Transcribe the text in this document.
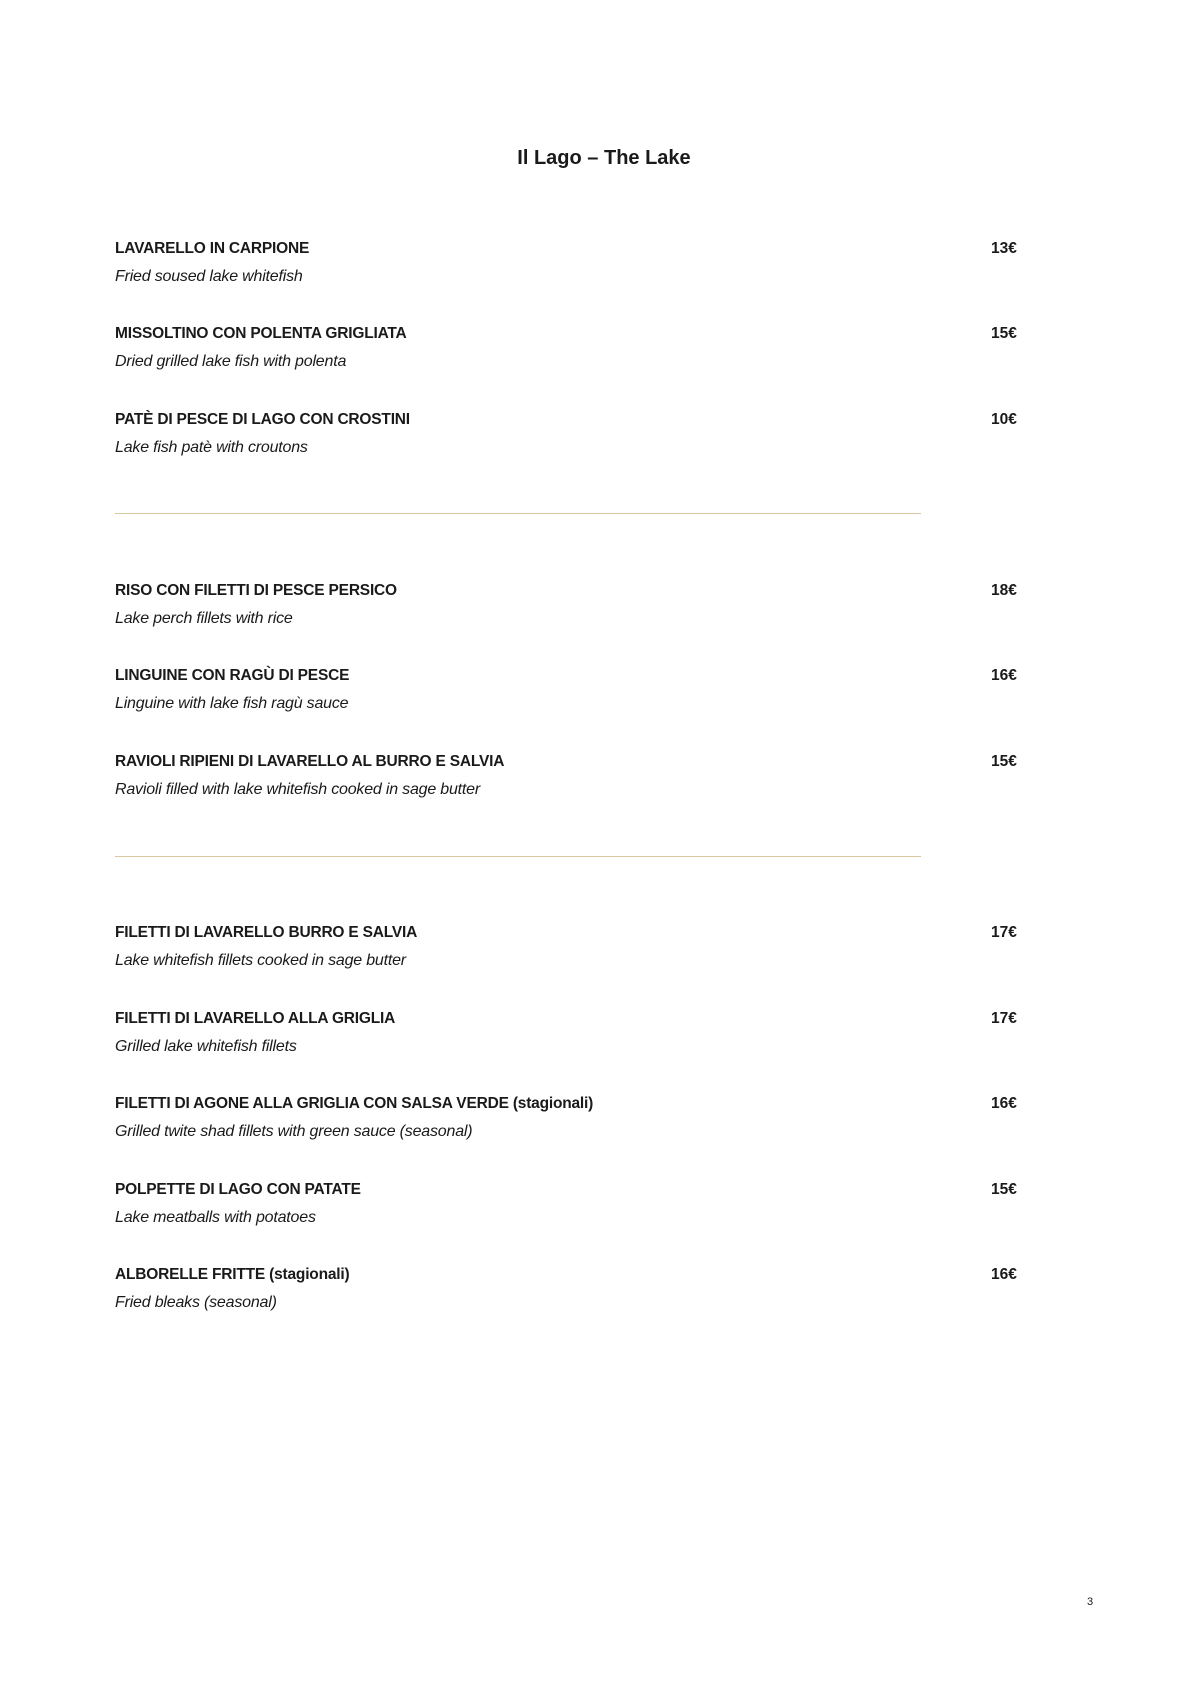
Il Lago – The Lake
LAVARELLO IN CARPIONE
Fried soused lake whitefish
13€
MISSOLTINO CON POLENTA GRIGLIATA
Dried grilled lake fish with polenta
15€
PATÈ DI PESCE DI LAGO CON CROSTINI
Lake fish patè with croutons
10€
RISO CON FILETTI DI PESCE PERSICO
Lake perch fillets with rice
18€
LINGUINE CON RAGÙ DI PESCE
Linguine with lake fish ragù sauce
16€
RAVIOLI RIPIENI DI LAVARELLO AL BURRO E SALVIA
Ravioli filled with lake whitefish cooked in sage butter
15€
FILETTI DI LAVARELLO BURRO E SALVIA
Lake whitefish fillets cooked in sage butter
17€
FILETTI DI LAVARELLO ALLA GRIGLIA
Grilled lake whitefish fillets
17€
FILETTI DI AGONE ALLA GRIGLIA CON SALSA VERDE (stagionali)
Grilled twite shad fillets with green sauce (seasonal)
16€
POLPETTE DI LAGO CON PATATE
Lake meatballs with potatoes
15€
ALBORELLE FRITTE (stagionali)
Fried bleaks (seasonal)
16€
3
